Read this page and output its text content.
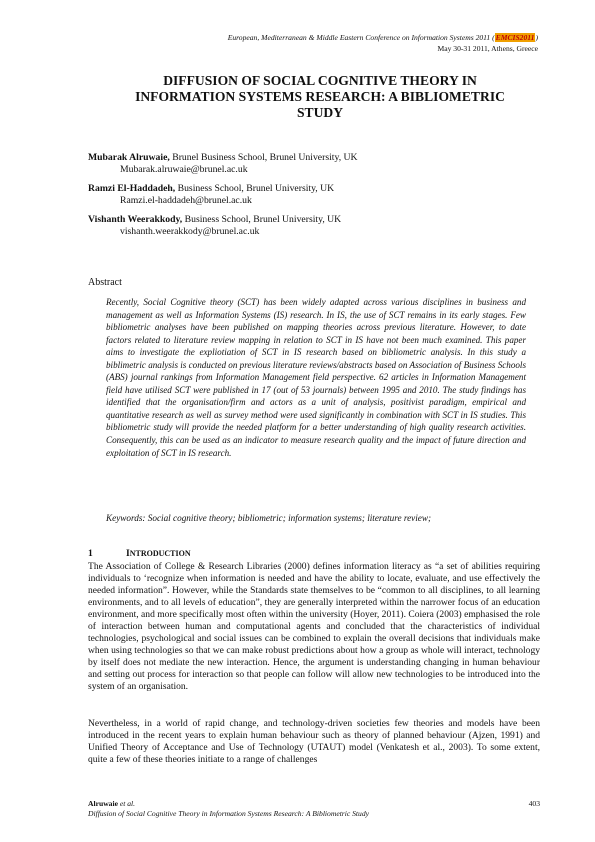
European, Mediterranean & Middle Eastern Conference on Information Systems 2011 (EMCIS2011)
May 30-31 2011, Athens, Greece
DIFFUSION OF SOCIAL COGNITIVE THEORY IN
INFORMATION SYSTEMS RESEARCH: A BIBLIOMETRIC
STUDY
Mubarak Alruwaie, Brunel Business School, Brunel University, UK
Mubarak.alruwaie@brunel.ac.uk
Ramzi El-Haddadeh, Business School, Brunel University, UK
Ramzi.el-haddadeh@brunel.ac.uk
Vishanth Weerakkody, Business School, Brunel University, UK
vishanth.weerakkody@brunel.ac.uk
Abstract
Recently, Social Cognitive theory (SCT) has been widely adapted across various disciplines in business and management as well as Information Systems (IS) research. In IS, the use of SCT remains in its early stages. Few bibliometric analyses have been published on mapping theories across previous literature. However, to date factors related to literature review mapping in relation to SCT in IS have not been much examined. This paper aims to investigate the expliotiation of SCT in IS research based on bibliometric analysis. In this study a biblimetric analysis is conducted on previous literature reviews/abstracts based on Association of Business Schools (ABS) journal rankings from Information Management field perspective. 62 articles in Information Management field have utilised SCT were published in 17 (out of 53 journals) between 1995 and 2010. The study findings has identified that the organisation/firm and actors as a unit of analysis, positivist paradigm, empirical and quantitative research as well as survey method were used significantly in combination with SCT in IS studies. This bibliometric study will provide the needed platform for a better understanding of high quality research activities. Consequently, this can be used as an indicator to measure research quality and the impact of future direction and exploitation of SCT in IS research.
Keywords: Social cognitive theory; bibliometric; information systems; literature review;
1	INTRODUCTION
The Association of College & Research Libraries (2000) defines information literacy as “a set of abilities requiring individuals to ‘recognize when information is needed and have the ability to locate, evaluate, and use effectively the needed information”. However, while the Standards state themselves to be “common to all disciplines, to all learning environments, and to all levels of education”, they are generally interpreted within the narrower focus of an education environment, and more specifically most often within the university (Hoyer, 2011). Coiera (2003) emphasised the role of interaction between human and computational agents and concluded that the characteristics of individual technologies, psychological and social issues can be combined to explain the overall decisions that individuals make when using technologies so that we can make robust predictions about how a group as whole will interact, technology by itself does not mediate the new interaction. Hence, the argument is understanding changing in human behaviour and setting out process for interaction so that people can follow will allow new technologies to be introduced into the system of an organisation.
Nevertheless, in a world of rapid change, and technology-driven societies few theories and models have been introduced in the recent years to explain human behaviour such as theory of planned behaviour (Ajzen, 1991) and Unified Theory of Acceptance and Use of Technology (UTAUT) model (Venkatesh et al., 2003). To some extent, quite a few of these theories initiate to a range of challenges
Alruwaie et al.
Diffusion of Social Cognitive Theory in Information Systems Research: A Bibliometric Study
403
